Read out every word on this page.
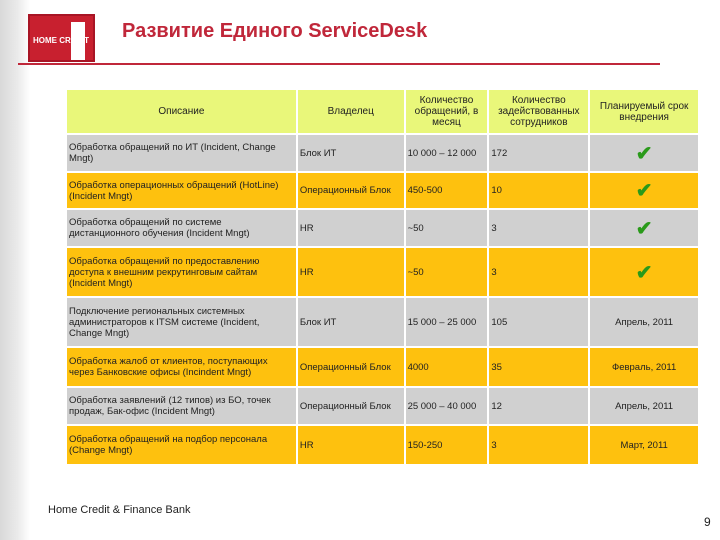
HOME CREDIT Развитие Единого ServiceDesk
Описание	Владелец	Количество обращений, в месяц	Количество задействованных сотрудников	Планируемый срок внедрения
Обработка обращений по ИТ (Incident, Change Mngt)	Блок ИТ	10 000 – 12 000	172	✔
Обработка операционных обращений (HotLine) (Incident Mngt)	Операционный Блок	450-500	10	✔
Обработка обращений по системе дистанционного обучения (Incident Mngt)	HR	~50	3	✔
Обработка обращений по предоставлению доступа к внешним рекрутинговым сайтам (Incident Mngt)	HR	~50	3	✔
Подключение региональных системных администраторов к ITSM системе (Incident, Change Mngt)	Блок ИТ	15 000 – 25 000	105	Апрель, 2011
Обработка жалоб от клиентов, поступающих через Банковские офисы (Incindent Mngt)	Операционный Блок	4000	35	Февраль, 2011
Обработка заявлений (12 типов) из БО, точек продаж, Бак-офис (Incident Mngt)	Операционный Блок	25 000 – 40 000	12	Апрель, 2011
Обработка обращений на подбор персонала (Change Mngt)	HR	150-250	3	Март, 2011
Home Credit & Finance Bank
9
